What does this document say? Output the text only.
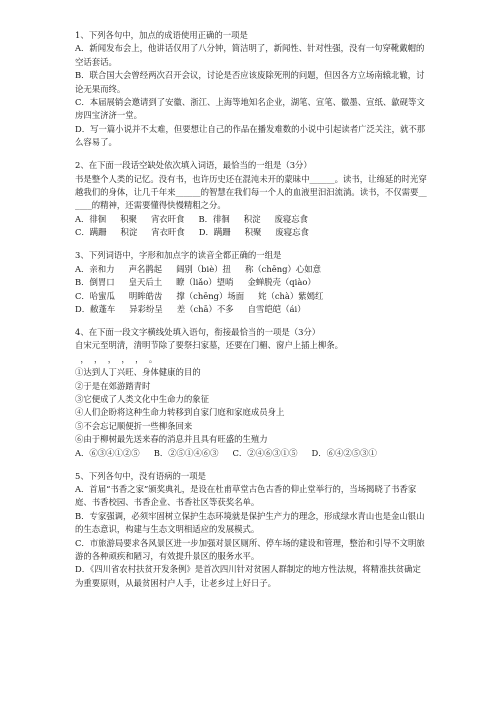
1、下列各句中，加点的成语使用正确的一项是
A．新闻发布会上，他讲话仅用了八分钟，简洁明了，新闻性、针对性强，没有一句穿靴戴帽的空话套话。
B．联合国大会曾经两次召开会议，讨论是否应该废除死刑的问题，但因各方立场南辕北辙，讨论无果而终。
C．本届展销会邀请到了安徽、浙江、上海等地知名企业，湖笔、宣笔、徽墨、宣纸、歙砚等文房四宝济济一堂。
D．写一篇小说并不太难，但要想让自己的作品在播发难数的小说中引起读者广泛关注，就不那么容易了。
2、在下面一段话空缺处依次填入词语，最恰当的一组是（3分）
书是整个人类的记忆。没有书，也许历史还在混沌未开的蒙昧中______。读书，让绵延的时光穿越我们的身体，让几千年来______的智慧在我们每一个人的血液里汩汩流淌。读书，不仅需要______的精神，还需要懂得快慢精粗之分。
A．徘徊 积聚 宵衣旰食 B．徘徊 积淀 废寝忘食
C．蹒跚 积淀 宵衣旰食 D．蹒跚 积聚 废寝忘食
3、下列词语中，字形和加点字的读音全都正确的一组是
A．亲和力 声名鹊起 阔别（biè）扭 称（chēng）心如意
B．倒胃口 皇天后土 瞭（liǎo）望哨 金蝉脱壳（qiào）
C．哈蜜瓜 明眸皓齿 撑（chēng）场面 姹（chà）紫嫣红
D．敝蓬车 异彩纷呈 差（chā）不多 自雪皑皑（ái）
4、在下面一段文字横线处填入语句，衔接最恰当的一项是（3分）
自宋元至明清，清明节除了要祭扫家墓，还要在门楣、窗户上插上柳条。
，  ，  ，  ，  ，  。
①达到人丁兴旺、身体健康的目的
②于是在郊游踏青时
③它便成了人类文化中生命力的象征
④人们企盼将这种生命力转移到自家门庭和家庭成员身上
⑤不会忘记顺便折一些柳条回来
⑥由于柳树最先送来春的消息并且具有旺盛的生殖力
A．⑥③④①②⑤ B．②⑤①④⑥③ C．②④⑥③①⑤ D．⑥④②⑤③①
5、下列各句中，没有语病的一项是
A．首届“书香之家”颁奖典礼，是设在杜甫草堂古色古香的仰止堂举行的，当场揭晓了书香家庭、书香校园、书香企业、书香社区等获奖名单。
B．专家强调，必须牢固树立保护生态环境就是保护生产力的理念，形成绿水青山也是金山银山的生态意识，构建与生态文明相适应的发展模式。
C．市旅游局要求各风景区进一步加强对景区厕所、停车场的建设和管理，整治和引导不文明旅游的各种顽疾和陋习，有效提升景区的服务水平。
D．《四川省农村扶贫开发条例》是首次四川针对贫困人群制定的地方性法规，将精准扶贫确定为重要原则，从最贫困村户人手，让老乡过上好日子。
